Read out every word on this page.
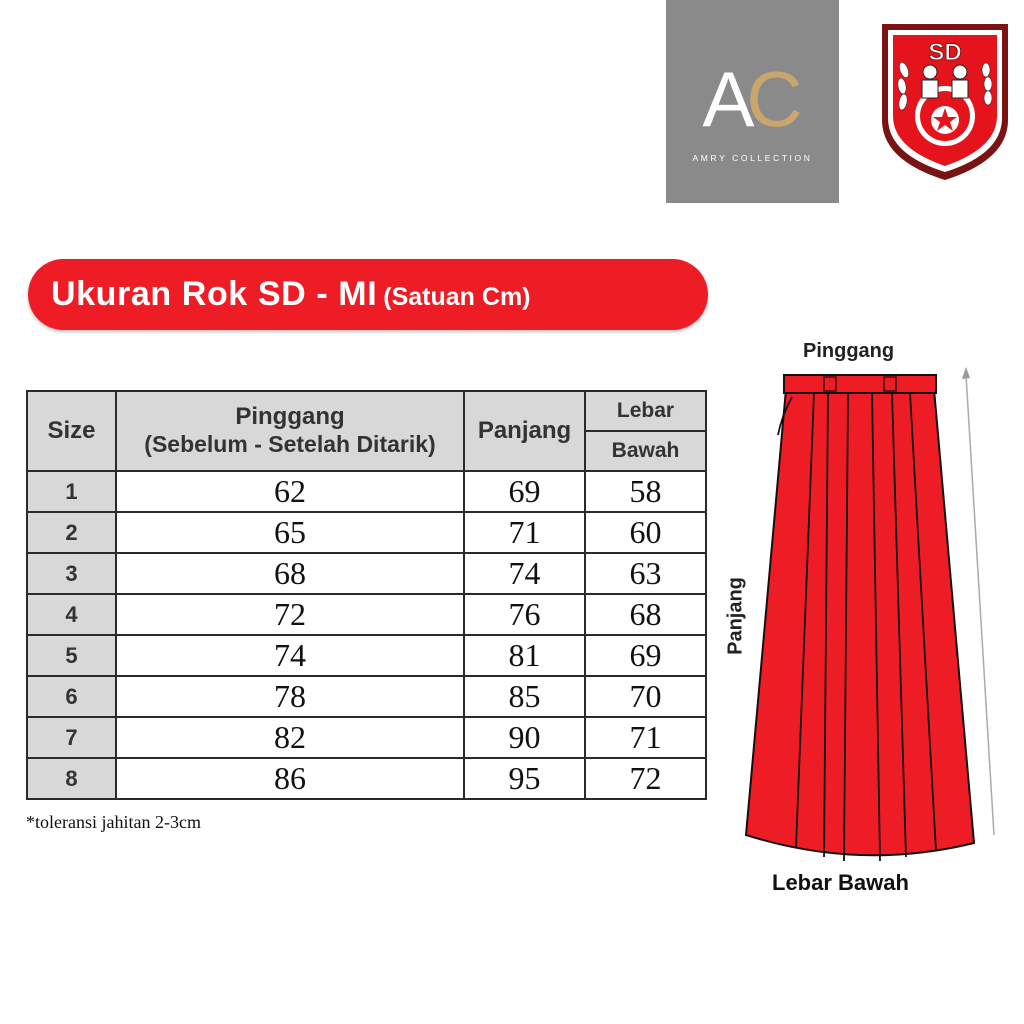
AC
AMRY COLLECTION
SD
Ukuran Rok SD - MI (Satuan Cm)
Size	Pinggang	Panjang	Lebar
	(Sebelum - Setelah Ditarik)		Bawah
1	62	69	58
2	65	71	60
3	68	74	63
4	72	76	68
5	74	81	69
6	78	85	70
7	82	90	71
8	86	95	72
*toleransi jahitan 2-3cm
Pinggang
Panjang
Lebar Bawah
